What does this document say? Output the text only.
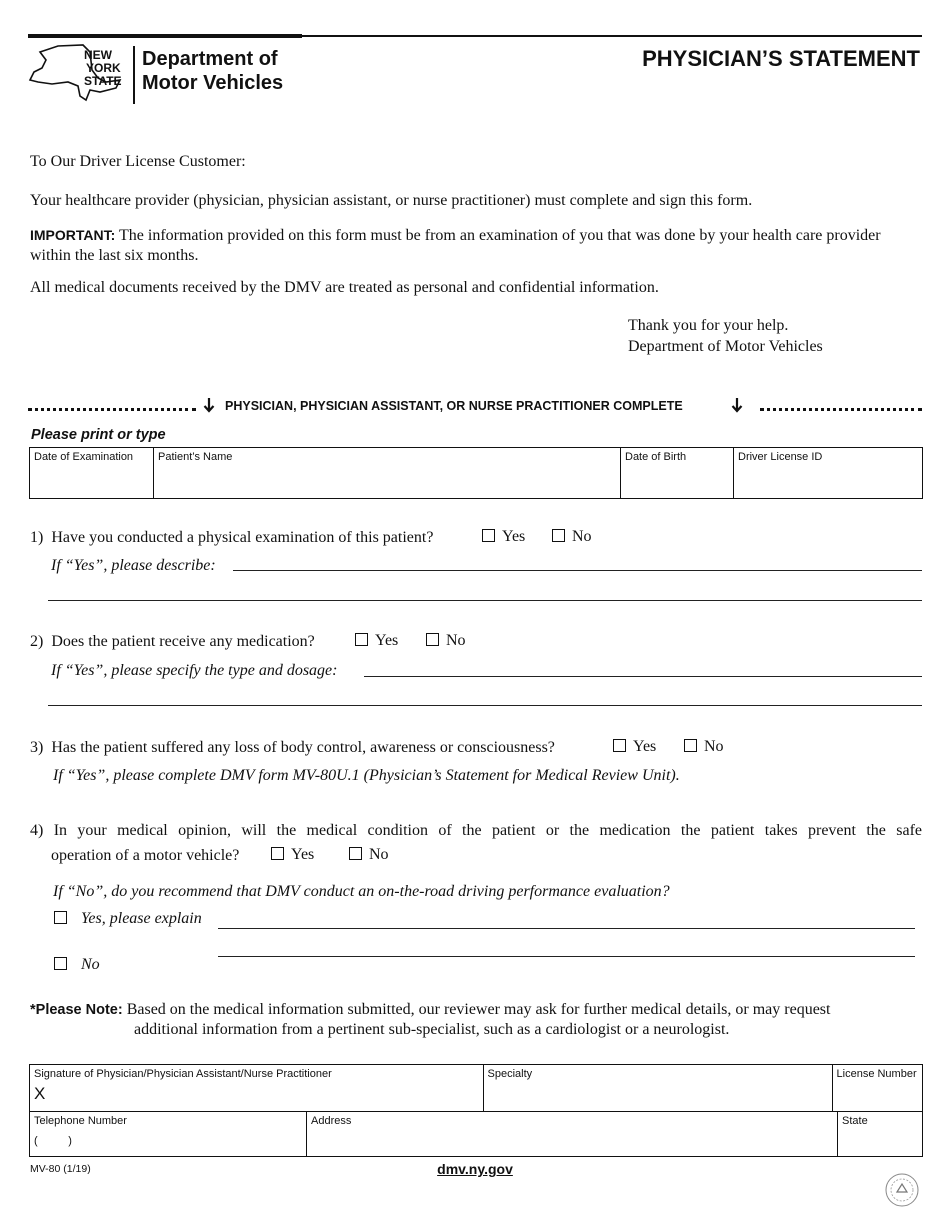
NEW
YORK
STATE
Department of
Motor Vehicles
PHYSICIAN’S STATEMENT
To Our Driver License Customer:
Your healthcare provider (physician, physician assistant, or nurse practitioner) must complete and sign this form.
IMPORTANT: The information provided on this form must be from an examination of you that was done by your health care provider within the last six months.
All medical documents received by the DMV are treated as personal and confidential information.
Thank you for your help.
Department of Motor Vehicles
PHYSICIAN, PHYSICIAN ASSISTANT, OR NURSE PRACTITIONER COMPLETE
Please print or type
Date of Examination	Patient’s Name	Date of Birth	Driver License ID
1) Have you conducted a physical examination of this patient?	Yes	No
If “Yes”, please describe:
2) Does the patient receive any medication?	Yes	No
If “Yes”, please specify the type and dosage:
3) Has the patient suffered any loss of body control, awareness or consciousness?	Yes	No
If “Yes”, please complete DMV form MV-80U.1 (Physician’s Statement for Medical Review Unit).
4) In your medical opinion, will the medical condition of the patient or the medication the patient takes prevent the safe
operation of a motor vehicle?	Yes	No
If “No”, do you recommend that DMV conduct an on-the-road driving performance evaluation?
Yes, please explain
No
*Please Note: Based on the medical information submitted, our reviewer may ask for further medical details, or may request
additional information from a pertinent sub-specialist, such as a cardiologist or a neurologist.
Signature of Physician/Physician Assistant/Nurse Practitioner
X		Specialty	License Number	
Telephone Number
(          )	Address			State
MV-80 (1/19)	dmv.ny.gov
